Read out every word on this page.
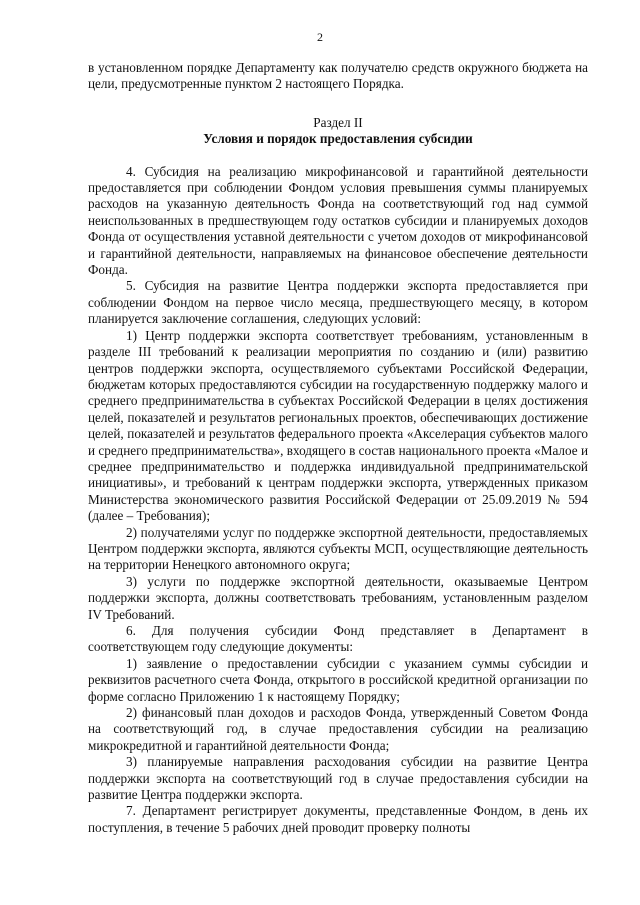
2

в установленном порядке Департаменту как получателю средств окружного бюджета на цели, предусмотренные пунктом 2 настоящего Порядка.

Раздел II
Условия и порядок предоставления субсидии

4. Субсидия на реализацию микрофинансовой и гарантийной деятельности предоставляется при соблюдении Фондом условия превышения суммы планируемых расходов на указанную деятельность Фонда на соответствующий год над суммой неиспользованных в предшествующем году остатков субсидии и планируемых доходов Фонда от осуществления уставной деятельности с учетом доходов от микрофинансовой и гарантийной деятельности, направляемых на финансовое обеспечение деятельности Фонда.

5. Субсидия на развитие Центра поддержки экспорта предоставляется при соблюдении Фондом на первое число месяца, предшествующего месяцу, в котором планируется заключение соглашения, следующих условий:

1) Центр поддержки экспорта соответствует требованиям, установленным в разделе III требований к реализации мероприятия по созданию и (или) развитию центров поддержки экспорта, осуществляемого субъектами Российской Федерации, бюджетам которых предоставляются субсидии на государственную поддержку малого и среднего предпринимательства в субъектах Российской Федерации в целях достижения целей, показателей и результатов региональных проектов, обеспечивающих достижение целей, показателей и результатов федерального проекта «Акселерация субъектов малого и среднего предпринимательства», входящего в состав национального проекта «Малое и среднее предпринимательство и поддержка индивидуальной предпринимательской инициативы», и требований к центрам поддержки экспорта, утвержденных приказом Министерства экономического развития Российской Федерации от 25.09.2019 № 594 (далее – Требования);

2) получателями услуг по поддержке экспортной деятельности, предоставляемых Центром поддержки экспорта, являются субъекты МСП, осуществляющие деятельность на территории Ненецкого автономного округа;

3) услуги по поддержке экспортной деятельности, оказываемые Центром поддержки экспорта, должны соответствовать требованиям, установленным разделом IV Требований.

6. Для получения субсидии Фонд представляет в Департамент в соответствующем году следующие документы:

1) заявление о предоставлении субсидии с указанием суммы субсидии и реквизитов расчетного счета Фонда, открытого в российской кредитной организации по форме согласно Приложению 1 к настоящему Порядку;

2) финансовый план доходов и расходов Фонда, утвержденный Советом Фонда на соответствующий год, в случае предоставления субсидии на реализацию микрокредитной и гарантийной деятельности Фонда;

3) планируемые направления расходования субсидии на развитие Центра поддержки экспорта на соответствующий год в случае предоставления субсидии на развитие Центра поддержки экспорта.

7. Департамент регистрирует документы, представленные Фондом, в день их поступления, в течение 5 рабочих дней проводит проверку полноты
